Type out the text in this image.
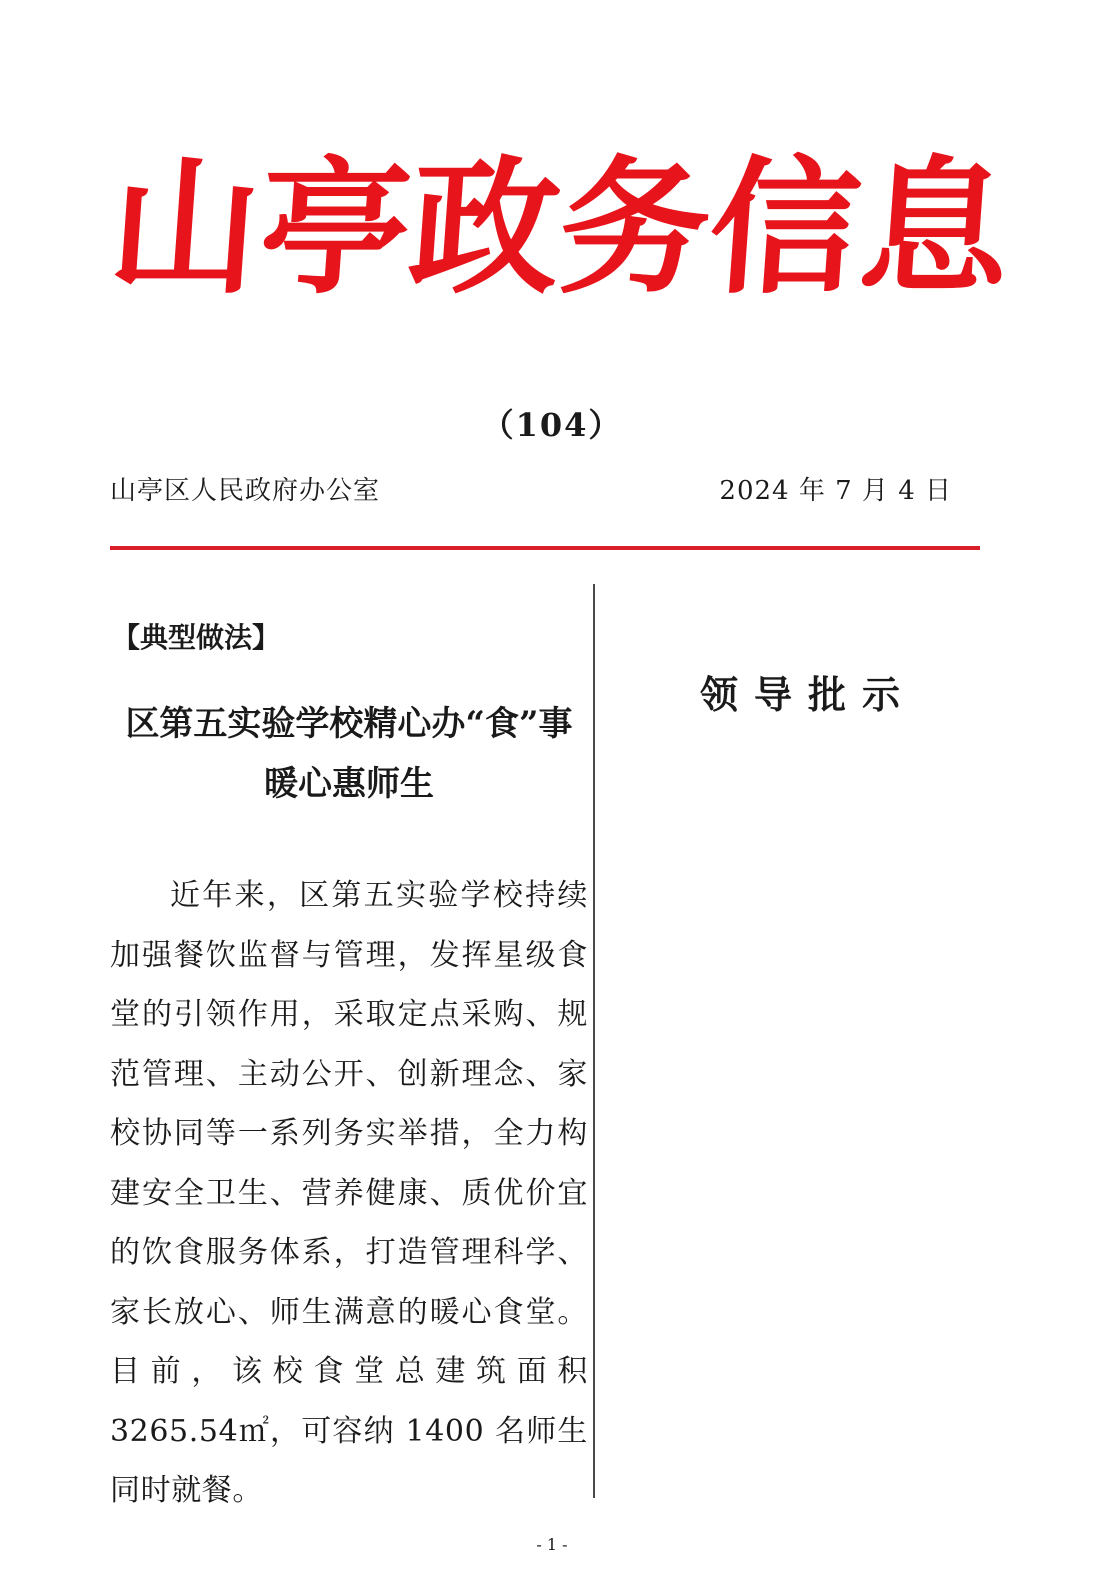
山
亭
政
务
信
息
（104）
山亭区人民政府办公室	2024 年 7 月 4 日
【典型做法】
区第五实验学校精心办“食”事
暖心惠师生

近年来，区第五实验学校持续加强餐饮监督与管理，发挥星级食堂的引领作用，采取定点采购、规范管理、主动公开、创新理念、家校协同等一系列务实举措，全力构建安全卫生、营养健康、质优价宜的饮食服务体系，打造管理科学、家长放心、师生满意的暖心食堂。目前，该校食堂总建筑面积 3265.54㎡，可容纳 1400 名师生同时就餐。

领导批示
- 1 -
